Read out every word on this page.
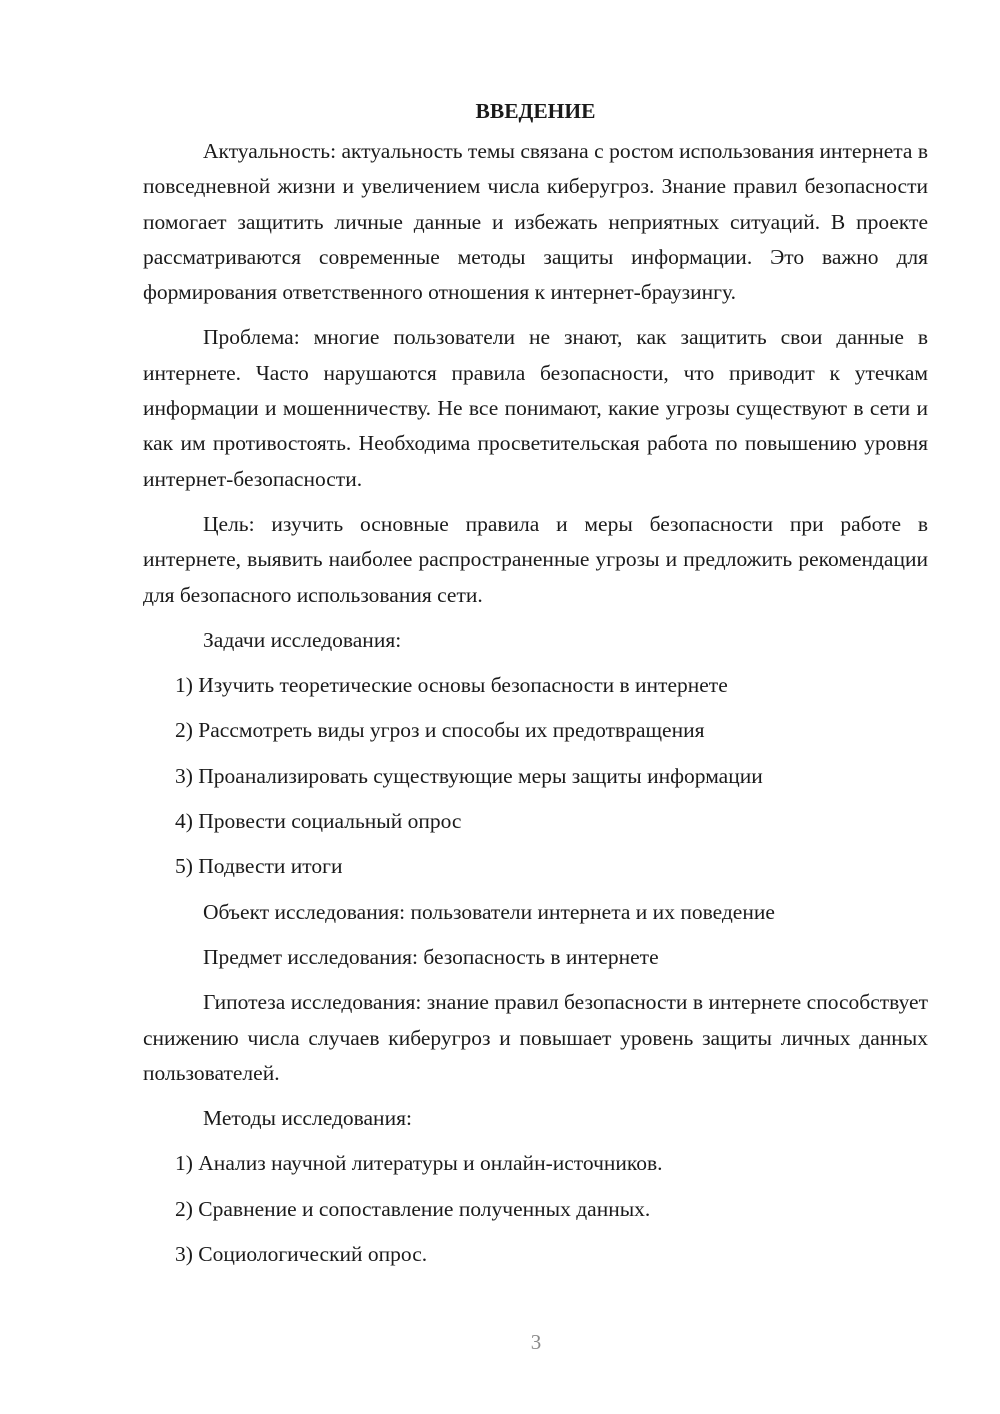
ВВЕДЕНИЕ

Актуальность: актуальность темы связана с ростом использования интернета в повседневной жизни и увеличением числа киберугроз. Знание правил безопасности помогает защитить личные данные и избежать неприятных ситуаций. В проекте рассматриваются современные методы защиты информации. Это важно для формирования ответственного отношения к интернет-браузингу.

Проблема: многие пользователи не знают, как защитить свои данные в интернете. Часто нарушаются правила безопасности, что приводит к утечкам информации и мошенничеству. Не все понимают, какие угрозы существуют в сети и как им противостоять. Необходима просветительская работа по повышению уровня интернет-безопасности.

Цель: изучить основные правила и меры безопасности при работе в интернете, выявить наиболее распространенные угрозы и предложить рекомендации для безопасного использования сети.

Задачи исследования:

1) Изучить теоретические основы безопасности в интернете

2) Рассмотреть виды угроз и способы их предотвращения

3) Проанализировать существующие меры защиты информации

4) Провести социальный опрос

5) Подвести итоги

Объект исследования: пользователи интернета и их поведение

Предмет исследования: безопасность в интернете

Гипотеза исследования: знание правил безопасности в интернете способствует снижению числа случаев киберугроз и повышает уровень защиты личных данных пользователей.

Методы исследования:

1) Анализ научной литературы и онлайн-источников.

2) Сравнение и сопоставление полученных данных.

3) Социологический опрос.

3
